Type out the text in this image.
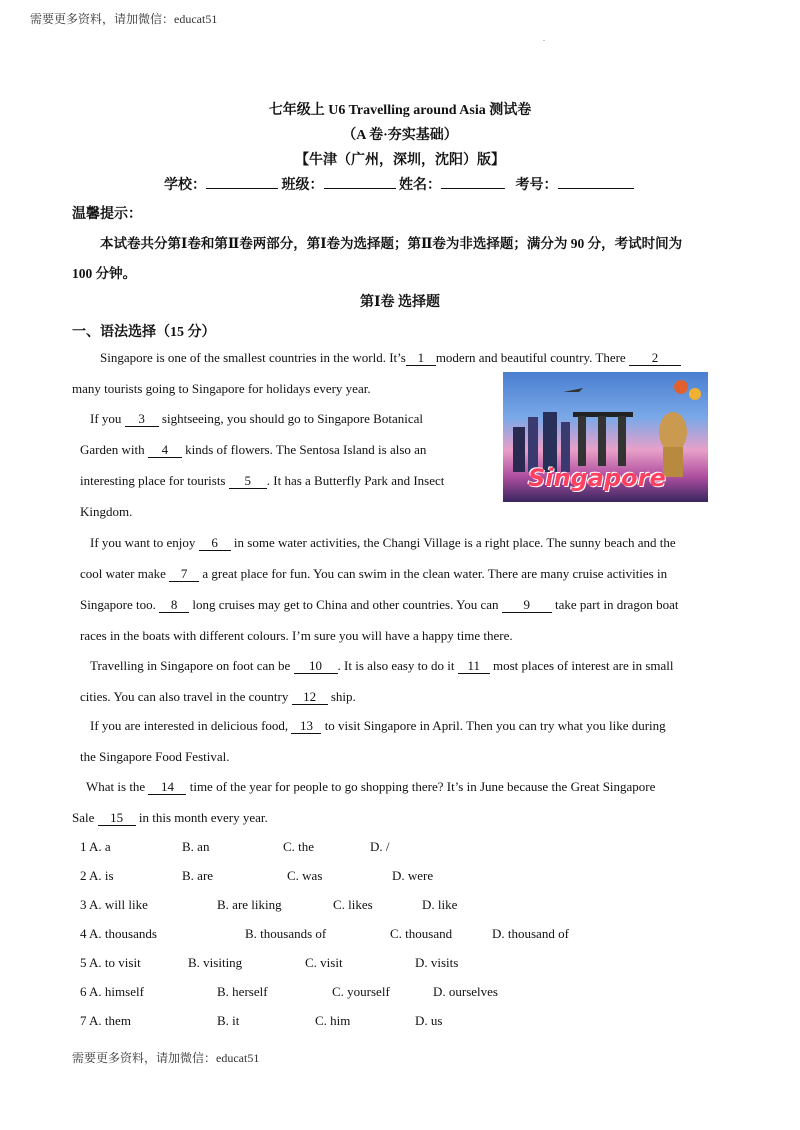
需要更多资料，请加微信：educat51
.
七年级上 U6 Travelling around Asia 测试卷
（A 卷·夯实基础）
【牛津（广州，深圳，沈阳）版】
学校：	班级：	姓名：	考号：
温馨提示：
本试卷共分第Ⅰ卷和第Ⅱ卷两部分，第Ⅰ卷为选择题；第Ⅱ卷为非选择题；满分为 90 分，考试时间为
100 分钟。
第Ⅰ卷 选择题
一、语法选择（15 分）
Singapore
Singapore is one of the smallest countries in the world. It’s 1 modern and beautiful country. There 2
many tourists going to Singapore for holidays every year.
If you 3 sightseeing, you should go to Singapore Botanical
Garden with 4 kinds of flowers. The Sentosa Island is also an
interesting place for tourists 5 . It has a Butterfly Park and Insect
Kingdom.
If you want to enjoy 6 in some water activities, the Changi Village is a right place. The sunny beach and the
cool water make 7 a great place for fun. You can swim in the clean water. There are many cruise activities in
Singapore too. 8 long cruises may get to China and other countries. You can 9 take part in dragon boat
races in the boats with different colours. I’m sure you will have a happy time there.
Travelling in Singapore on foot can be 10 . It is also easy to do it 11 most places of interest are in small
cities. You can also travel in the country 12 ship.
If you are interested in delicious food, 13 to visit Singapore in April. Then you can try what you like during
the Singapore Food Festival.
What is the 14 time of the year for people to go shopping there? It’s in June because the Great Singapore
Sale 15 in this month every year.
1 A. a	B. an	C. the	D. /
2 A. is	B. are	C. was	D. were
3 A. will like	B. are liking	C. likes	D. like
4 A. thousands	B. thousands of	C. thousand	D. thousand of
5 A. to visit	B. visiting	C. visit	D. visits
6 A. himself	B. herself	C. yourself	D. ourselves
7 A. them	B. it	C. him	D. us
需要更多资料，请加微信：educat51
